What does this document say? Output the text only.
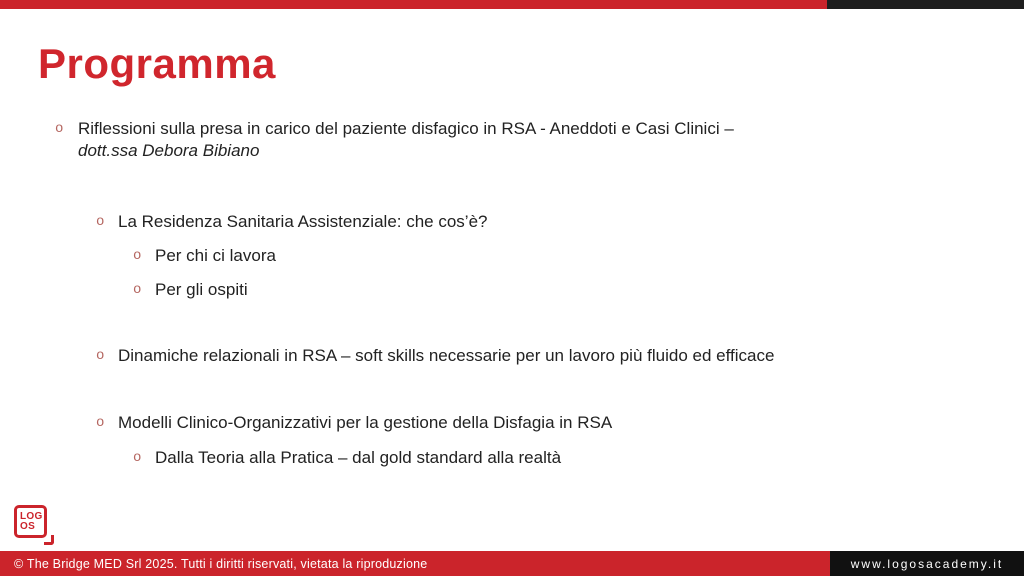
Programma
o Riflessioni sulla presa in carico del paziente disfagico in RSA - Aneddoti e Casi Clinici –
dott.ssa Debora Bibiano
o La Residenza Sanitaria Assistenziale: che cos’è?
o Per chi ci lavora
o Per gli ospiti
o Dinamiche relazionali in RSA – soft skills necessarie per un lavoro più fluido ed efficace
o Modelli Clinico-Organizzativi per la gestione della Disfagia in RSA
o Dalla Teoria alla Pratica – dal gold standard alla realtà
LOG
OS
© The Bridge MED Srl 2025. Tutti i diritti riservati, vietata la riproduzione	www.logosacademy.it
